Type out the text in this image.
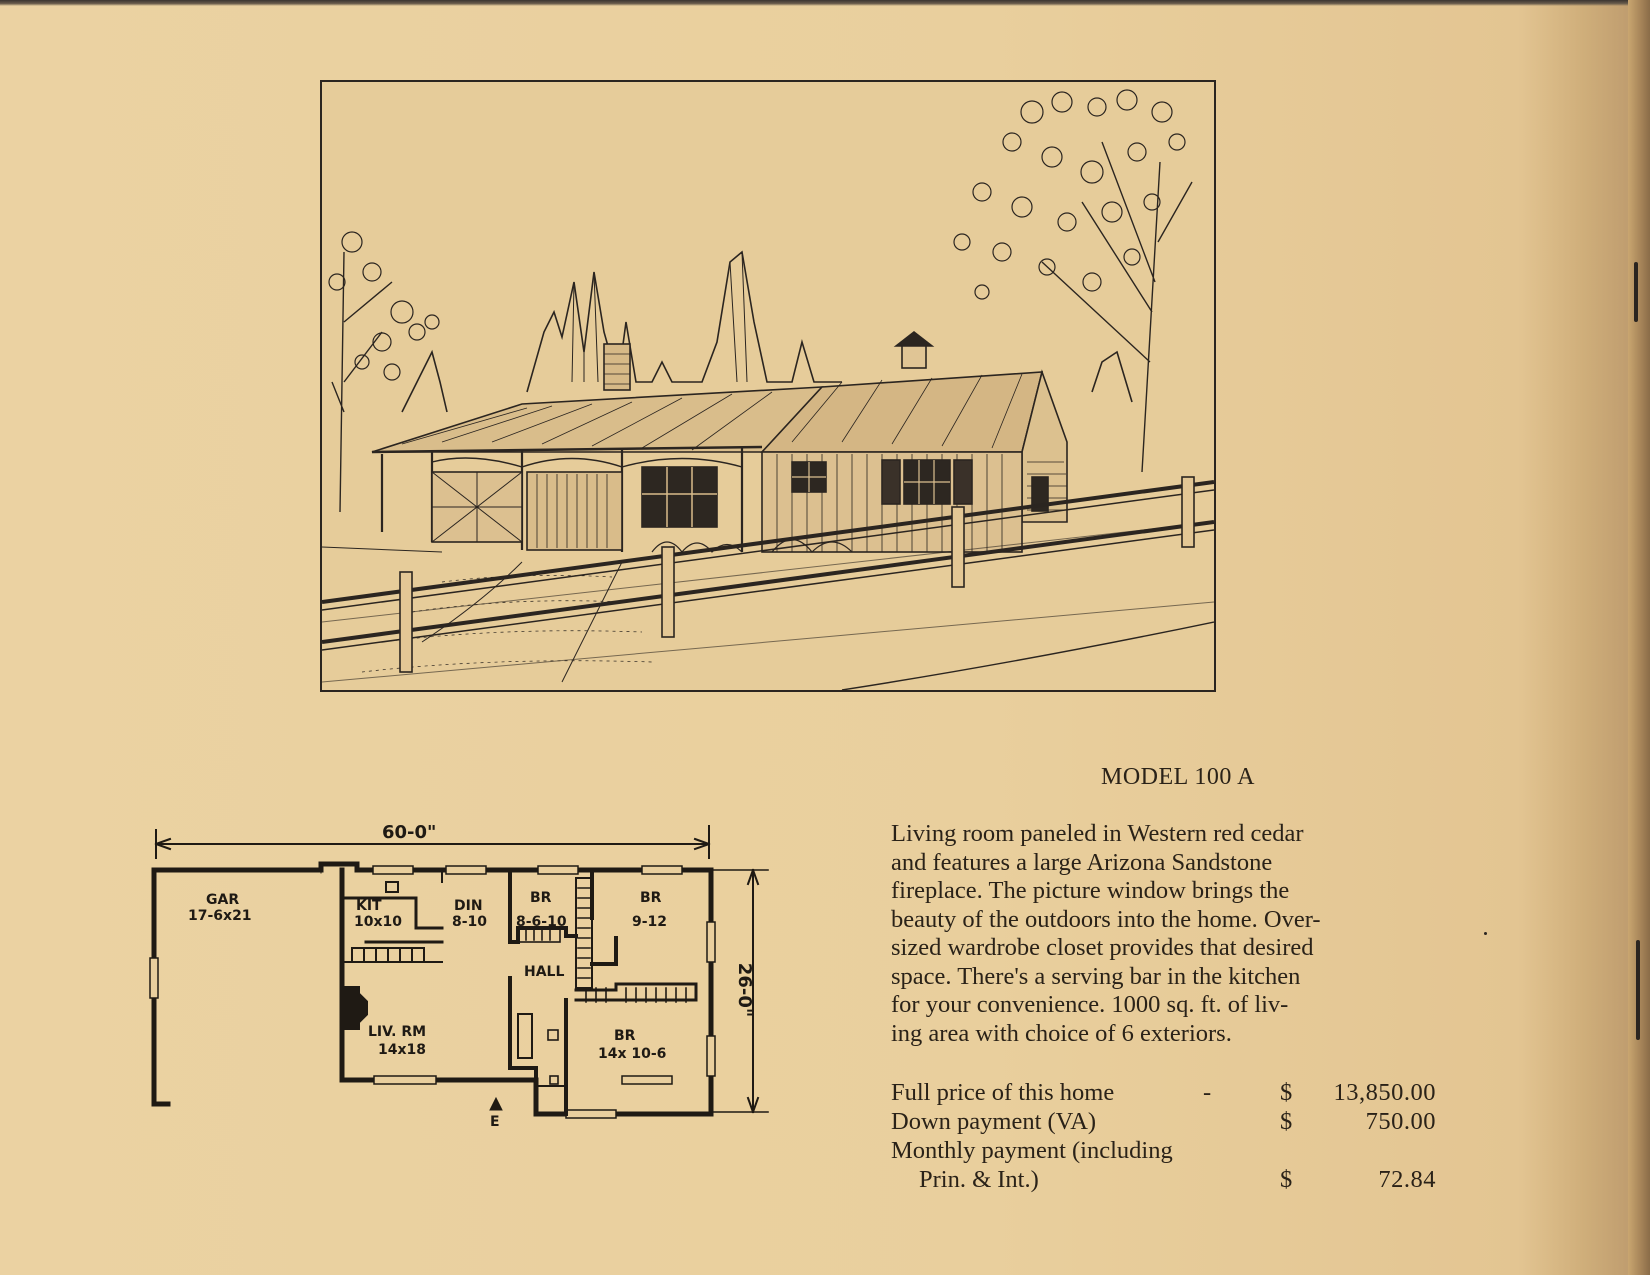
60-0"
26-0"
GAR
17-6x21
KIT
10x10
DIN
8-10
BR
8-6-10
BR
9-12
HALL
LIV. RM
14x18
BR
14x 10-6
E
MODEL 100 A
Living room paneled in Western red cedar
and features a large Arizona Sandstone
fireplace. The picture window brings the
beauty of the outdoors into the home. Over-
sized wardrobe closet provides that desired
space. There's a serving bar in the kitchen
for your convenience. 1000 sq. ft. of liv-
ing area with choice of 6 exteriors.
Full price of this home	-	$ 13,850.00
Down payment (VA)	$	750.00
Monthly payment (including
Prin. & Int.)	$	72.84
